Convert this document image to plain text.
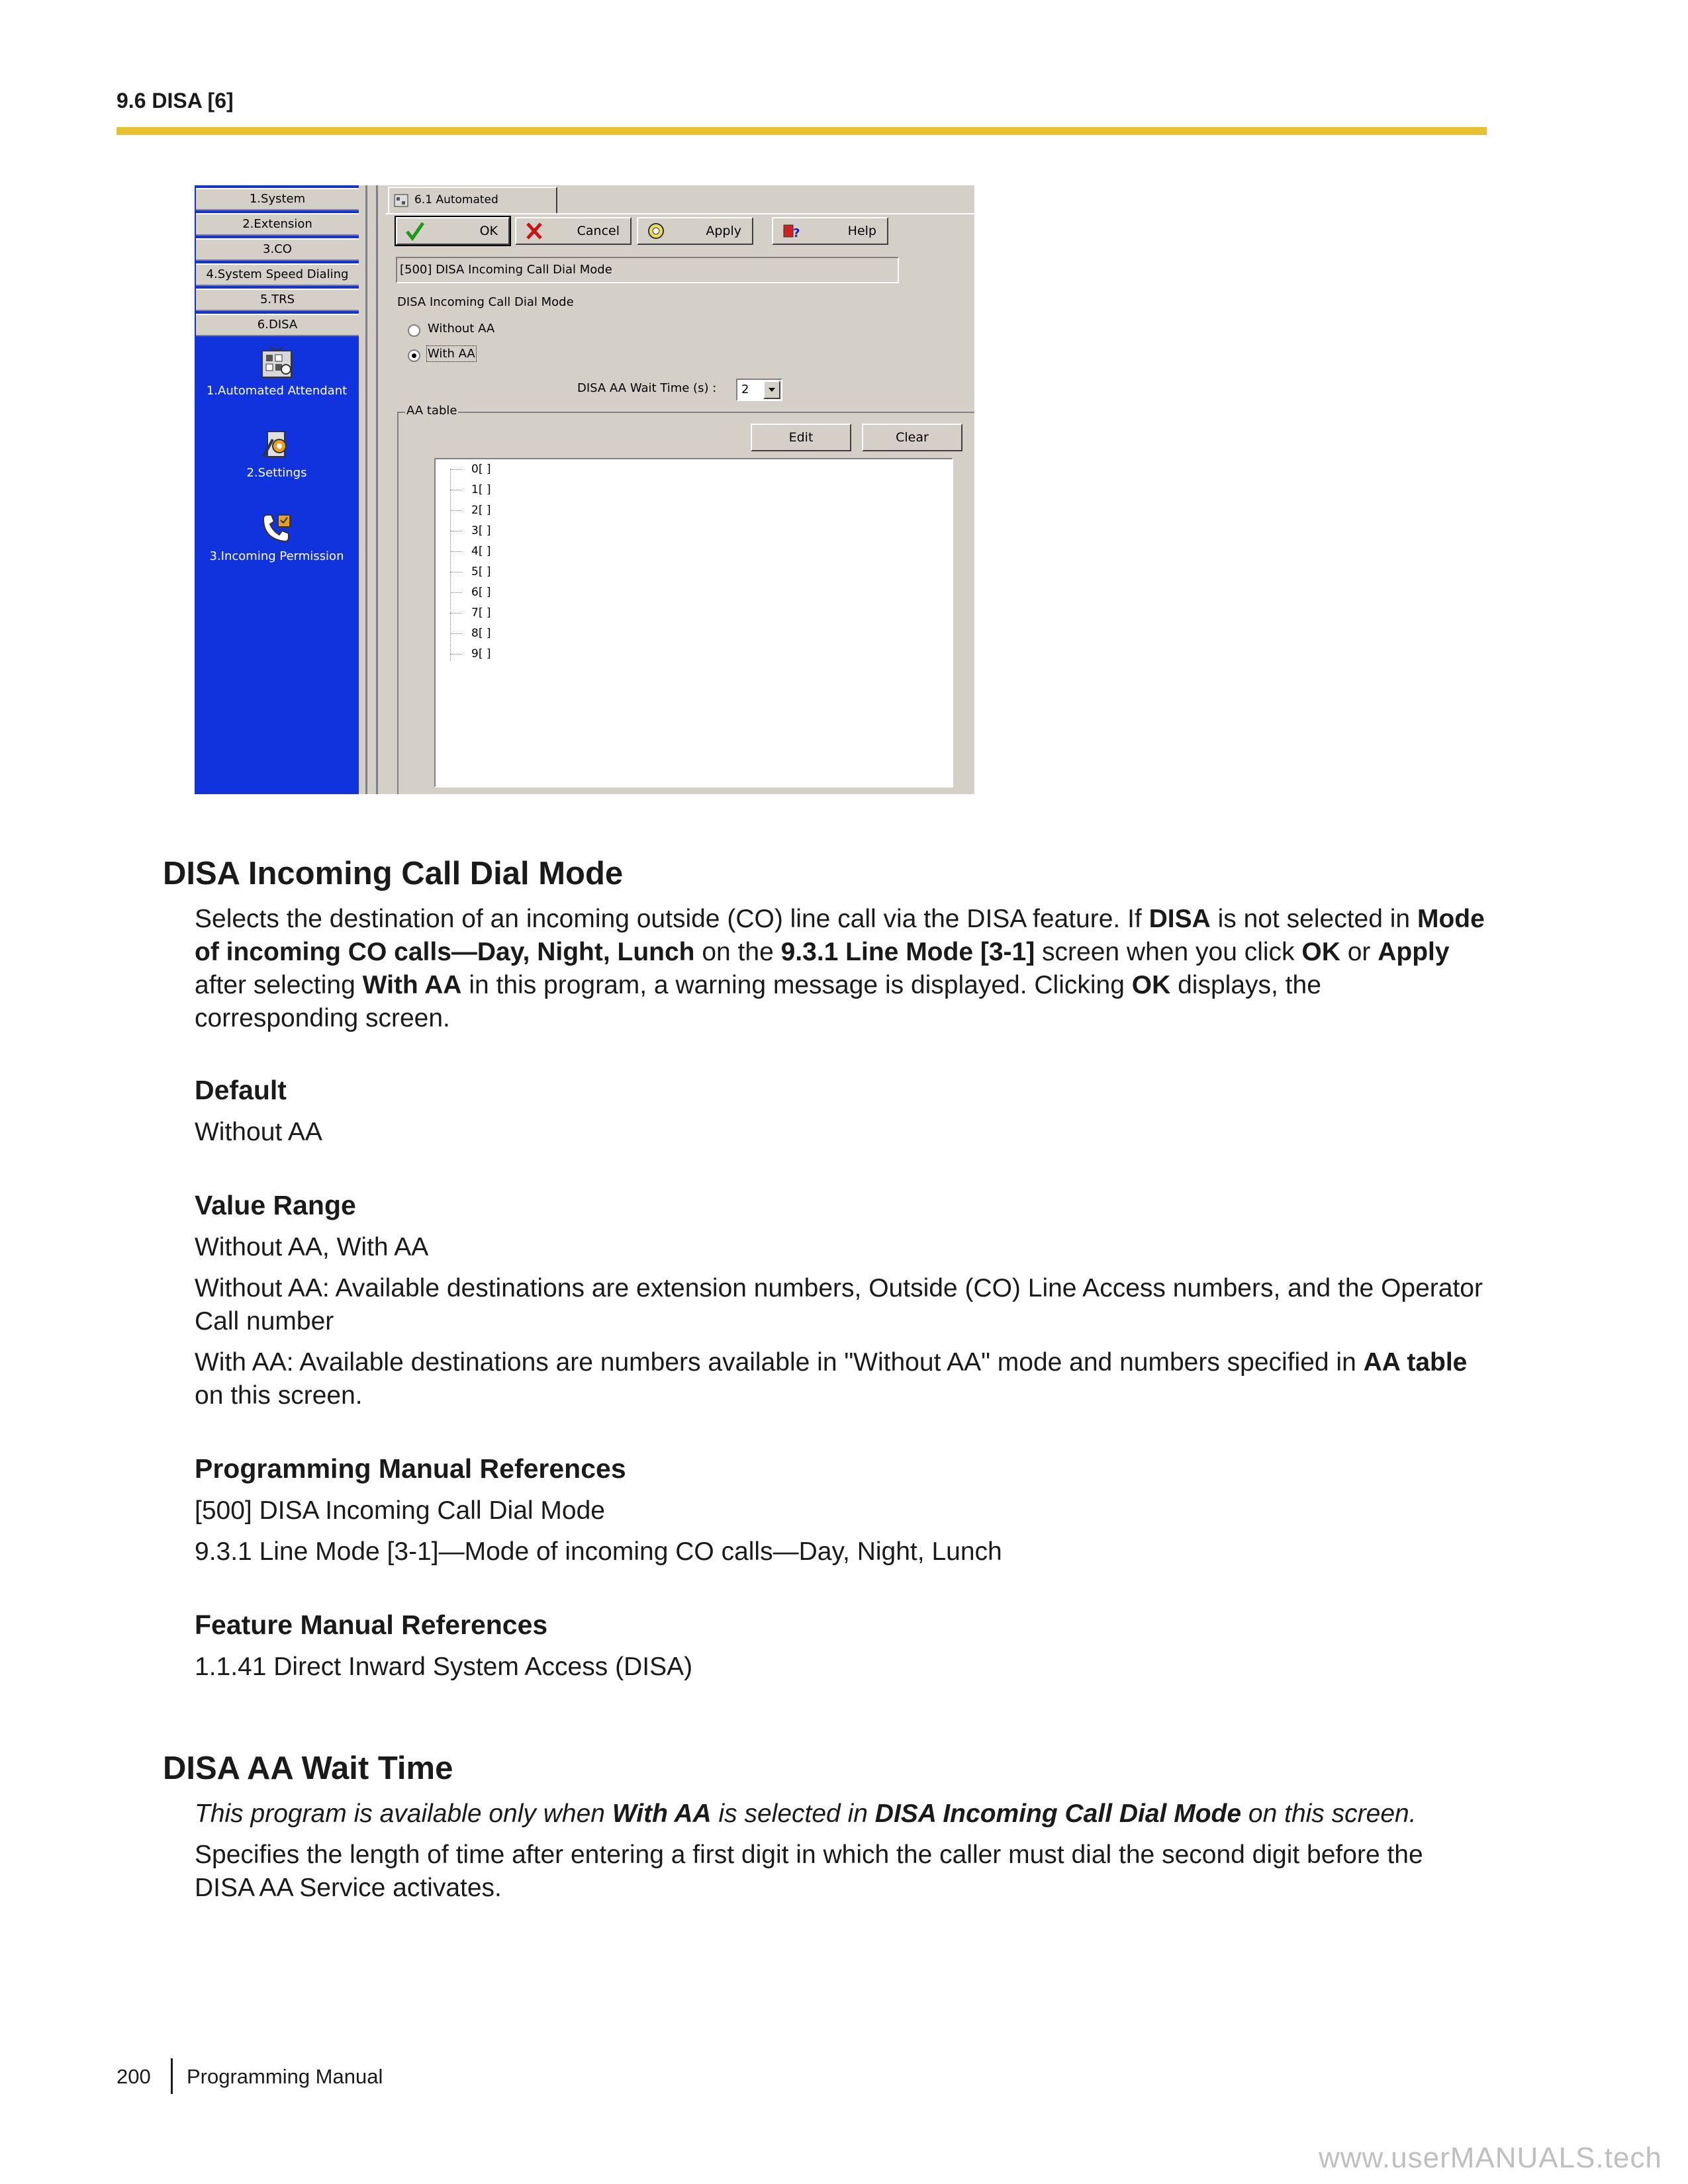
9.6 DISA [6]
1.System
2.Extension
3.CO
4.System Speed Dialing
5.TRS
6.DISA
1.Automated Attendant
2.Settings
3.Incoming Permission
6.1 Automated
OK	Cancel	Apply	?	Help
[500] DISA Incoming Call Dial Mode
DISA Incoming Call Dial Mode
Without AA
With AA
DISA AA Wait Time (s) :	2
AA table
Edit	Clear
0[ ]
1[ ]
2[ ]
3[ ]
4[ ]
5[ ]
6[ ]
7[ ]
8[ ]
9[ ]
DISA Incoming Call Dial Mode
Selects the destination of an incoming outside (CO) line call via the DISA feature. If DISA is not selected in Mode of incoming CO calls—Day, Night, Lunch on the 9.3.1 Line Mode [3-1] screen when you click OK or Apply after selecting With AA in this program, a warning message is displayed. Clicking OK displays, the corresponding screen.
Default
Without AA
Value Range
Without AA, With AA
Without AA: Available destinations are extension numbers, Outside (CO) Line Access numbers, and the Operator Call number
With AA: Available destinations are numbers available in "Without AA" mode and numbers specified in AA table on this screen.
Programming Manual References
[500] DISA Incoming Call Dial Mode
9.3.1 Line Mode [3-1]—Mode of incoming CO calls—Day, Night, Lunch
Feature Manual References
1.1.41 Direct Inward System Access (DISA)
DISA AA Wait Time
This program is available only when With AA is selected in DISA Incoming Call Dial Mode on this screen.
Specifies the length of time after entering a first digit in which the caller must dial the second digit before the DISA AA Service activates.
200 Programming Manual
www.userMANUALS.tech
